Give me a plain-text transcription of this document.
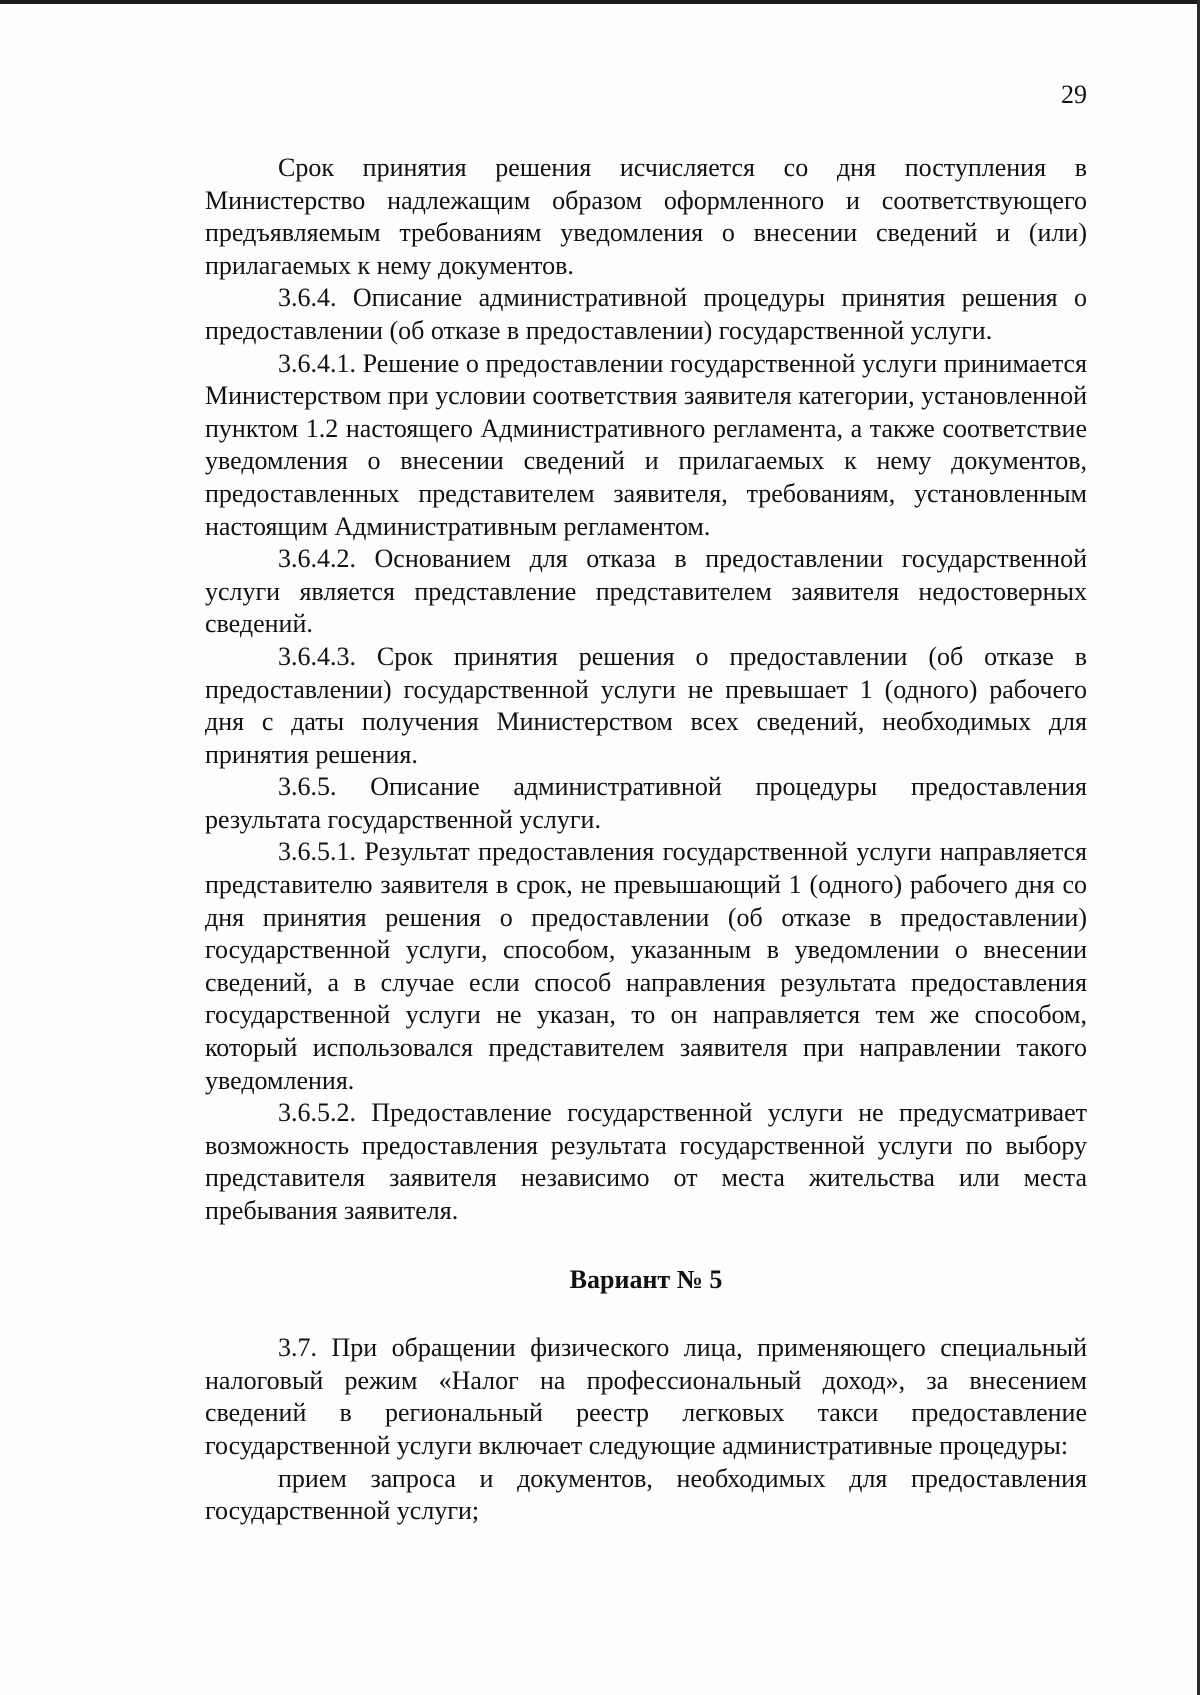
29

Срок принятия решения исчисляется со дня поступления в Министерство надлежащим образом оформленного и соответствующего предъявляемым требованиям уведомления о внесении сведений и (или) прилагаемых к нему документов.

3.6.4. Описание административной процедуры принятия решения о предоставлении (об отказе в предоставлении) государственной услуги.

3.6.4.1. Решение о предоставлении государственной услуги принимается Министерством при условии соответствия заявителя категории, установленной пунктом 1.2 настоящего Административного регламента, а также соответствие уведомления о внесении сведений и прилагаемых к нему документов, предоставленных представителем заявителя, требованиям, установленным настоящим Административным регламентом.

3.6.4.2. Основанием для отказа в предоставлении государственной услуги является представление представителем заявителя недостоверных сведений.

3.6.4.3. Срок принятия решения о предоставлении (об отказе в предоставлении) государственной услуги не превышает 1 (одного) рабочего дня с даты получения Министерством всех сведений, необходимых для принятия решения.

3.6.5. Описание административной процедуры предоставления результата государственной услуги.

3.6.5.1. Результат предоставления государственной услуги направляется представителю заявителя в срок, не превышающий 1 (одного) рабочего дня со дня принятия решения о предоставлении (об отказе в предоставлении) государственной услуги, способом, указанным в уведомлении о внесении сведений, а в случае если способ направления результата предоставления государственной услуги не указан, то он направляется тем же способом, который использовался представителем заявителя при направлении такого уведомления.

3.6.5.2. Предоставление государственной услуги не предусматривает возможность предоставления результата государственной услуги по выбору представителя заявителя независимо от места жительства или места пребывания заявителя.

Вариант № 5

3.7. При обращении физического лица, применяющего специальный налоговый режим «Налог на профессиональный доход», за внесением сведений в региональный реестр легковых такси предоставление государственной услуги включает следующие административные процедуры:

прием запроса и документов, необходимых для предоставления государственной услуги;
